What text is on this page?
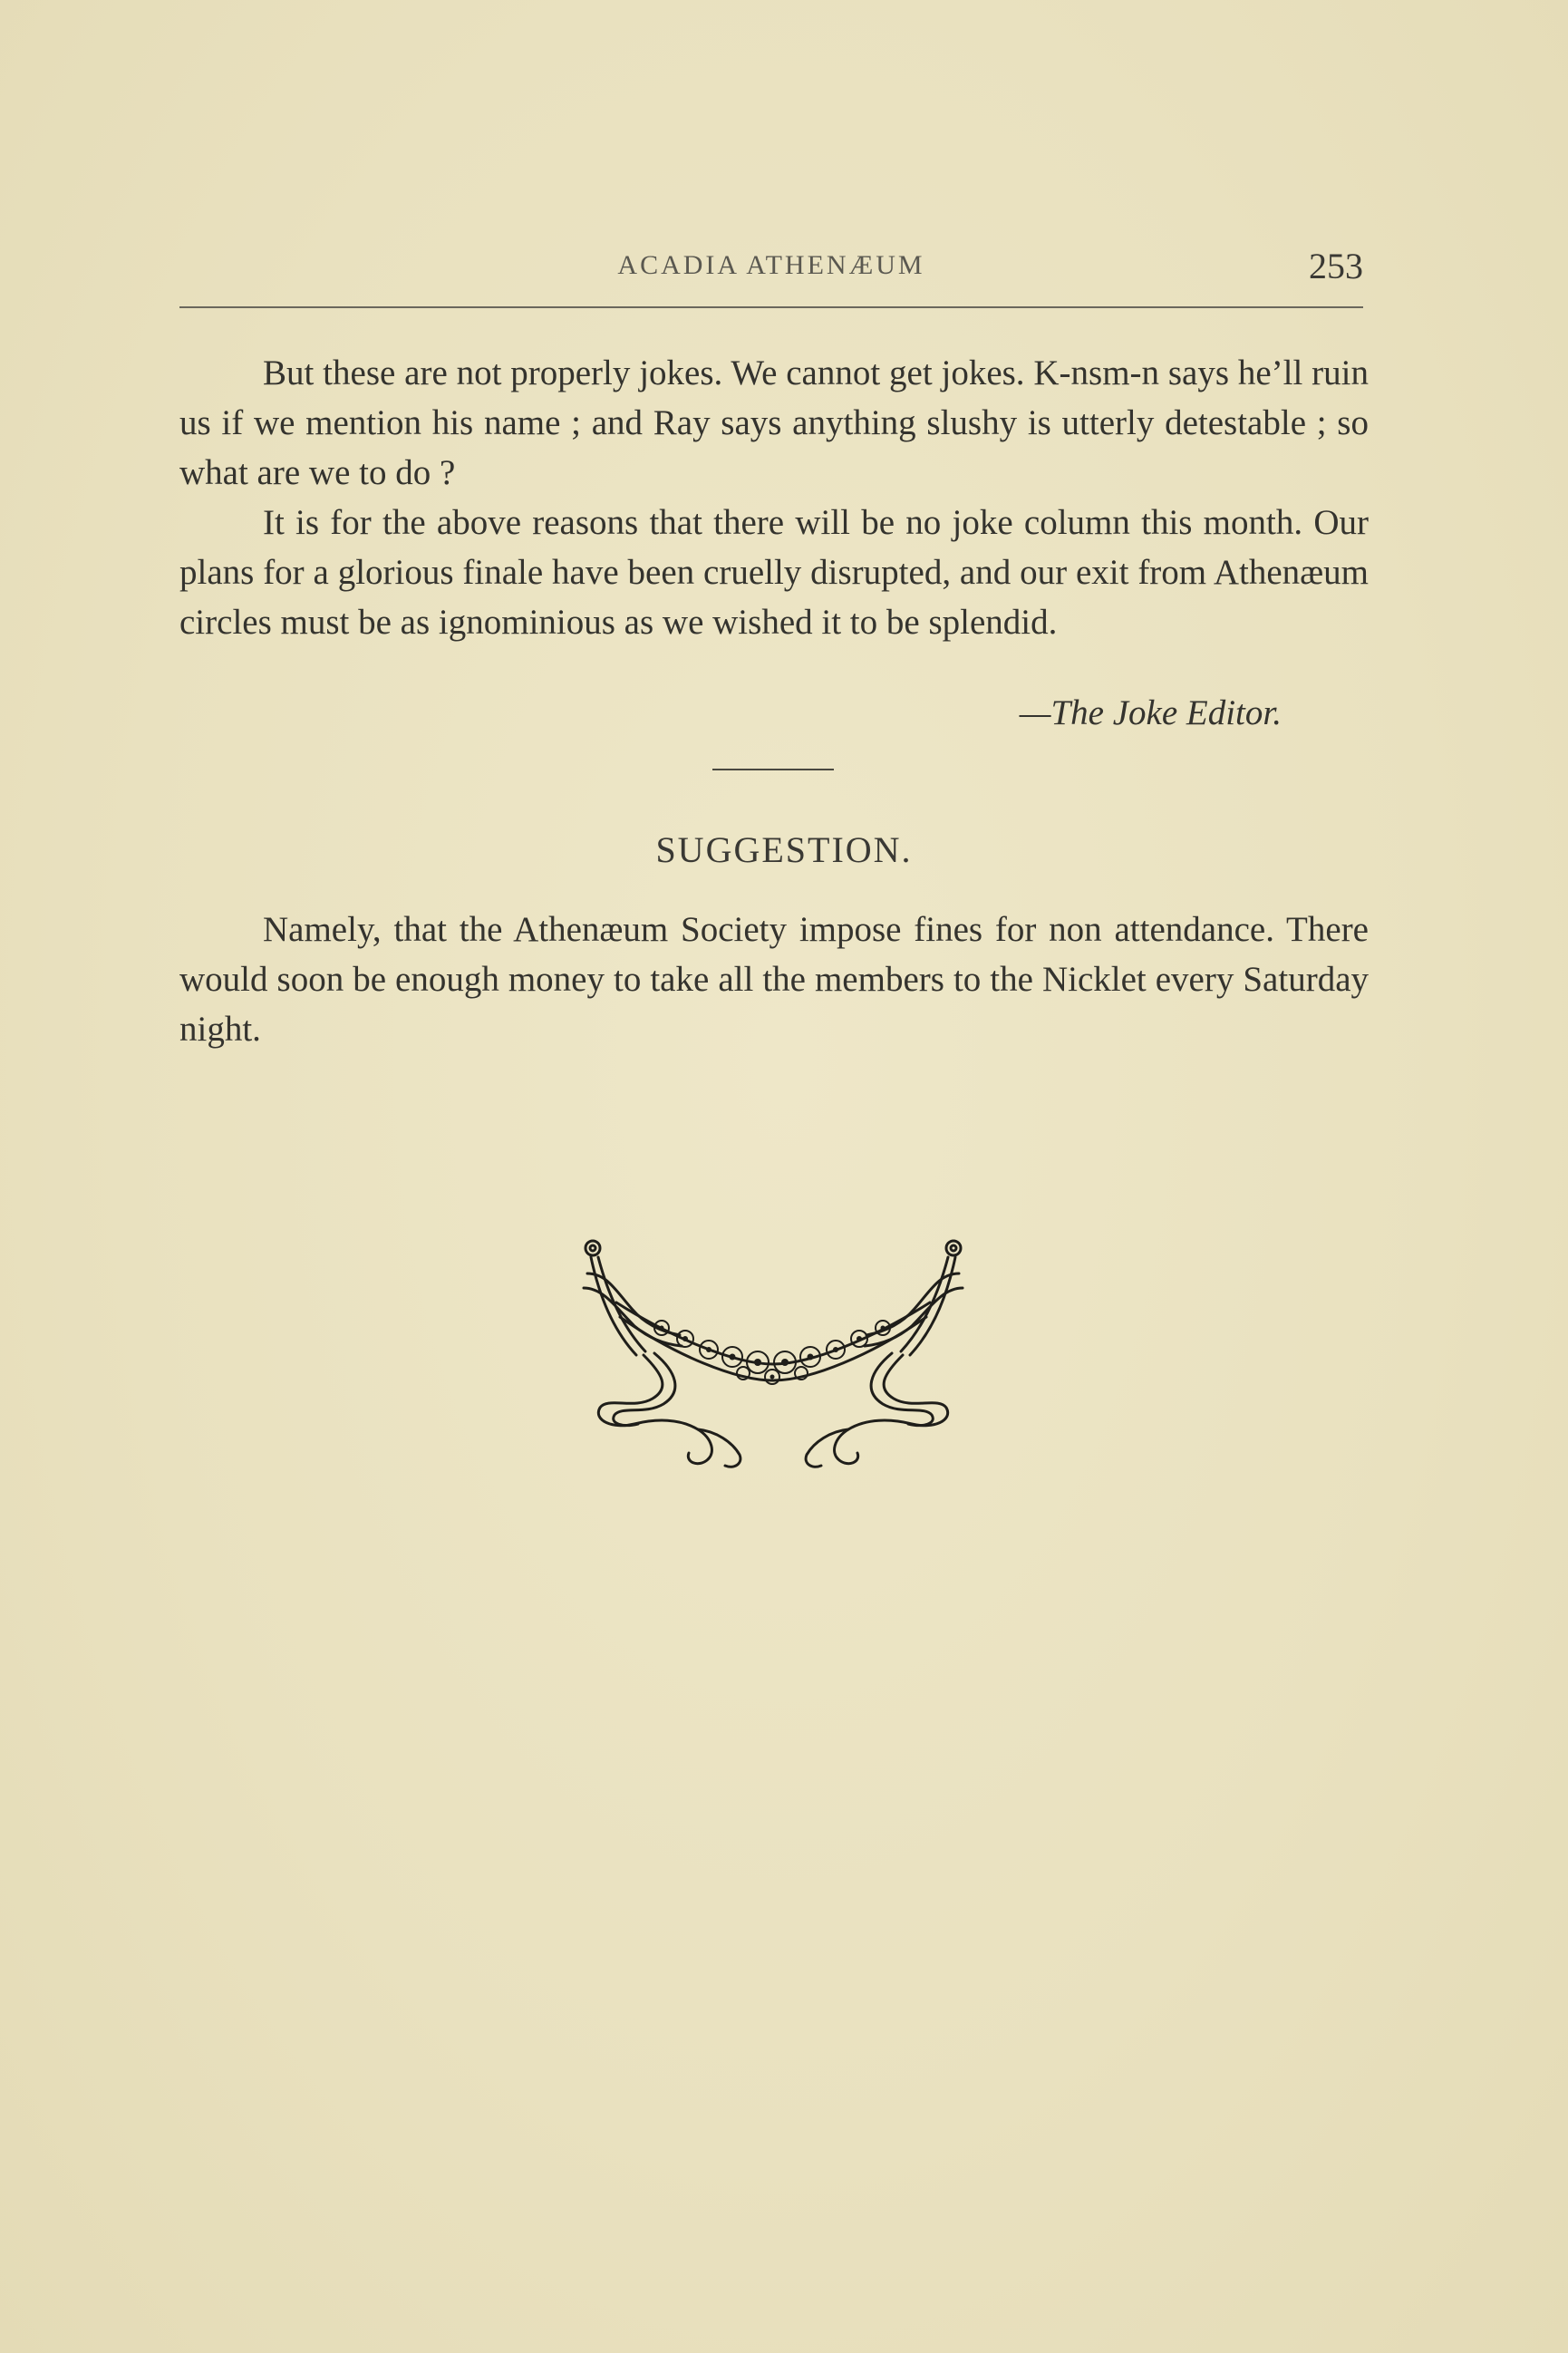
ACADIA ATHENÆUM	253

But these are not properly jokes. We cannot get jokes. K-nsm-n says he’ll ruin us if we mention his name ; and Ray says anything slushy is utterly detestable ; so what are we to do ?

It is for the above reasons that there will be no joke column this month. Our plans for a glorious finale have been cruelly disrupted, and our exit from Athenæum circles must be as ignominious as we wished it to be splendid.

—The Joke Editor.
SUGGESTION.

Namely, that the Athenæum Society impose fines for non attendance. There would soon be enough money to take all the members to the Nicklet every Saturday night.
